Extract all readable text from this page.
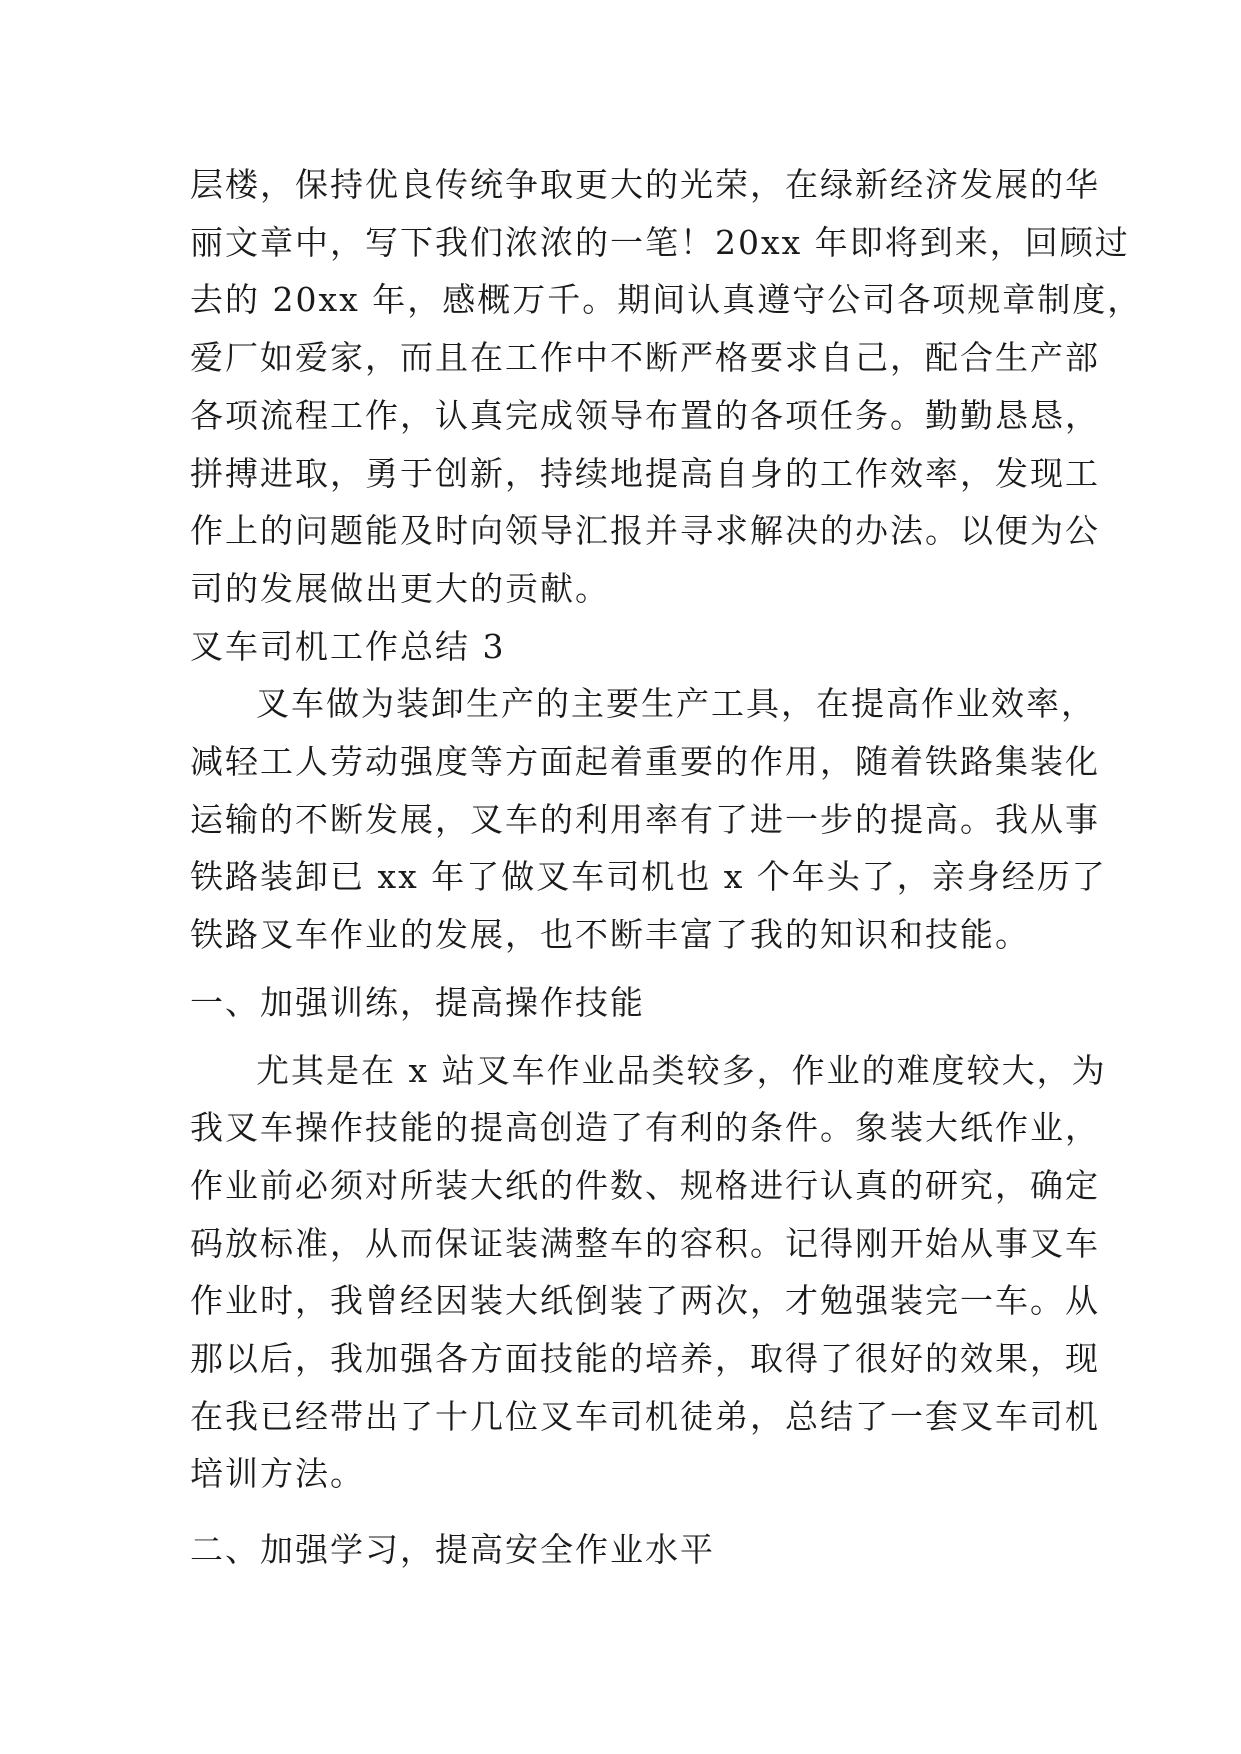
层楼，保持优良传统争取更大的光荣，在绿新经济发展的华
丽文章中，写下我们浓浓的一笔！20xx 年即将到来，回顾过
去的 20xx 年，感概万千。期间认真遵守公司各项规章制度，
爱厂如爱家，而且在工作中不断严格要求自己，配合生产部
各项流程工作，认真完成领导布置的各项任务。勤勤恳恳，
拼搏进取，勇于创新，持续地提高自身的工作效率，发现工
作上的问题能及时向领导汇报并寻求解决的办法。以便为公
司的发展做出更大的贡献。

叉车司机工作总结 3

叉车做为装卸生产的主要生产工具，在提高作业效率，
减轻工人劳动强度等方面起着重要的作用，随着铁路集装化
运输的不断发展，叉车的利用率有了进一步的提高。我从事
铁路装卸已 xx 年了做叉车司机也 x 个年头了，亲身经历了
铁路叉车作业的发展，也不断丰富了我的知识和技能。

一、加强训练，提高操作技能

尤其是在 x 站叉车作业品类较多，作业的难度较大，为
我叉车操作技能的提高创造了有利的条件。象装大纸作业，
作业前必须对所装大纸的件数、规格进行认真的研究，确定
码放标准，从而保证装满整车的容积。记得刚开始从事叉车
作业时，我曾经因装大纸倒装了两次，才勉强装完一车。从
那以后，我加强各方面技能的培养，取得了很好的效果，现
在我已经带出了十几位叉车司机徒弟，总结了一套叉车司机
培训方法。

二、加强学习，提高安全作业水平
